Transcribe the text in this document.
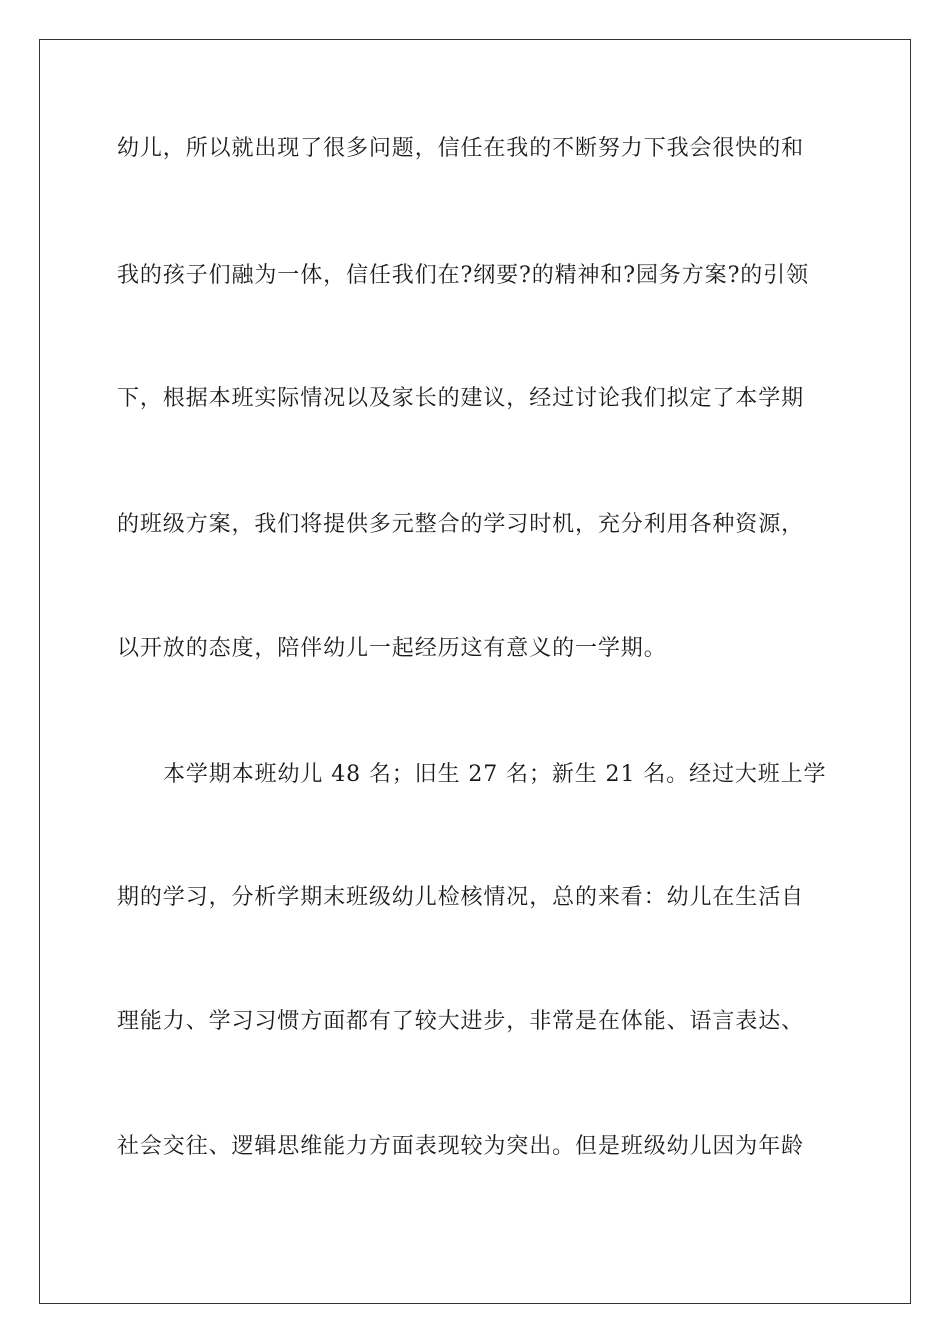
幼儿，所以就出现了很多问题，信任在我的不断努力下我会很快的和
我的孩子们融为一体，信任我们在?纲要?的精神和?园务方案?的引领
下，根据本班实际情况以及家长的建议，经过讨论我们拟定了本学期
的班级方案，我们将提供多元整合的学习时机，充分利用各种资源，
以开放的态度，陪伴幼儿一起经历这有意义的一学期。
本学期本班幼儿 48 名；旧生 27 名；新生 21 名。经过大班上学
期的学习，分析学期末班级幼儿检核情况，总的来看：幼儿在生活自
理能力、学习习惯方面都有了较大进步，非常是在体能、语言表达、
社会交往、逻辑思维能力方面表现较为突出。但是班级幼儿因为年龄
